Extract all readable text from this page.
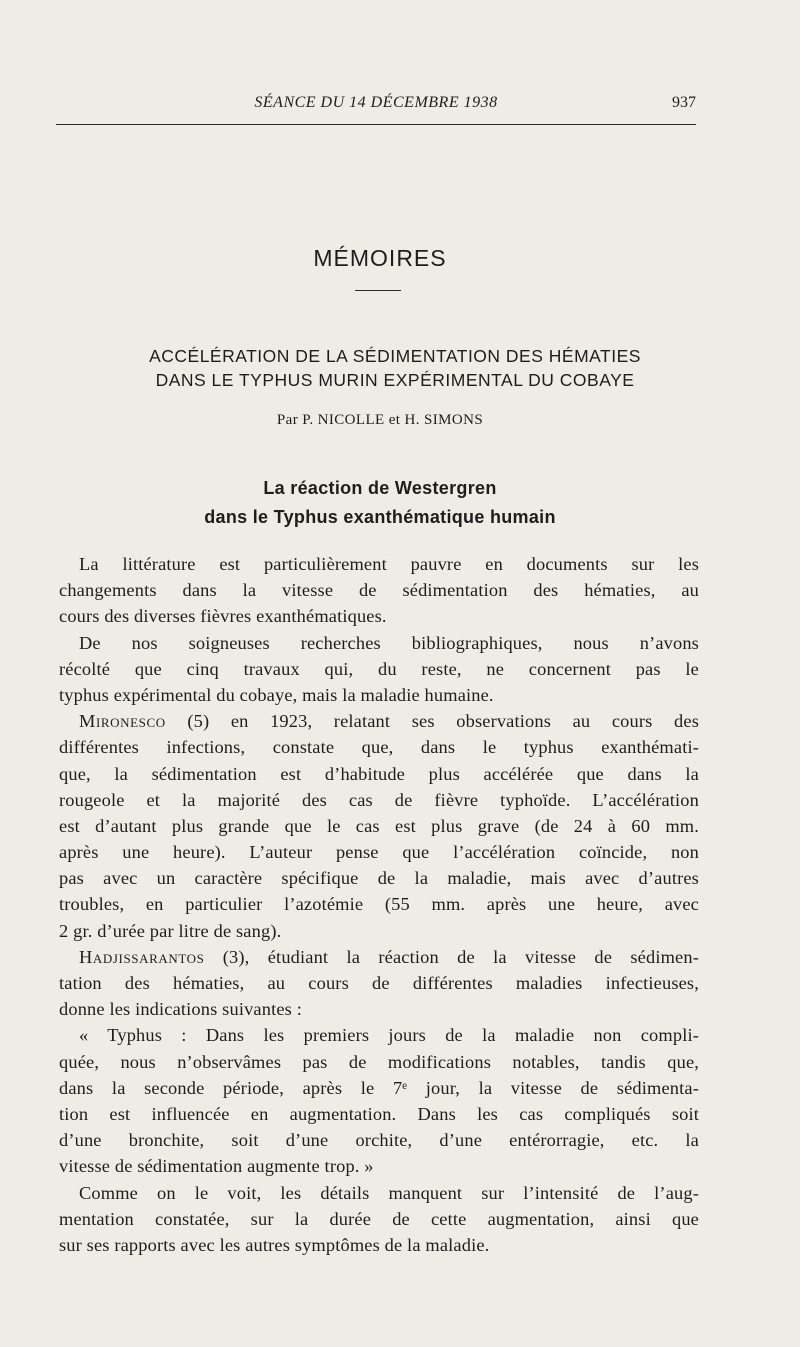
SÉANCE DU 14 DÉCEMBRE 1938	937
MÉMOIRES
ACCÉLÉRATION DE LA SÉDIMENTATION DES HÉMATIES
DANS LE TYPHUS MURIN EXPÉRIMENTAL DU COBAYE
Par P. NICOLLE et H. SIMONS
La réaction de Westergren
dans le Typhus exanthématique humain
La littérature est particulièrement pauvre en documents sur les
changements dans la vitesse de sédimentation des hématies, au
cours des diverses fièvres exanthématiques.
De nos soigneuses recherches bibliographiques, nous n’avons
récolté que cinq travaux qui, du reste, ne concernent pas le
typhus expérimental du cobaye, mais la maladie humaine.
Mironesco (5) en 1923, relatant ses observations au cours des
différentes infections, constate que, dans le typhus exanthémati-
que, la sédimentation est d’habitude plus accélérée que dans la
rougeole et la majorité des cas de fièvre typhoïde. L’accélération
est d’autant plus grande que le cas est plus grave (de 24 à 60 mm.
après une heure). L’auteur pense que l’accélération coïncide, non
pas avec un caractère spécifique de la maladie, mais avec d’autres
troubles, en particulier l’azotémie (55 mm. après une heure, avec
2 gr. d’urée par litre de sang).
Hadjissarantos (3), étudiant la réaction de la vitesse de sédimen-
tation des hématies, au cours de différentes maladies infectieuses,
donne les indications suivantes :
« Typhus : Dans les premiers jours de la maladie non compli-
quée, nous n’observâmes pas de modifications notables, tandis que,
dans la seconde période, après le 7ᵉ jour, la vitesse de sédimenta-
tion est influencée en augmentation. Dans les cas compliqués soit
d’une bronchite, soit d’une orchite, d’une entérorragie, etc. la
vitesse de sédimentation augmente trop. »
Comme on le voit, les détails manquent sur l’intensité de l’aug-
mentation constatée, sur la durée de cette augmentation, ainsi que
sur ses rapports avec les autres symptômes de la maladie.
